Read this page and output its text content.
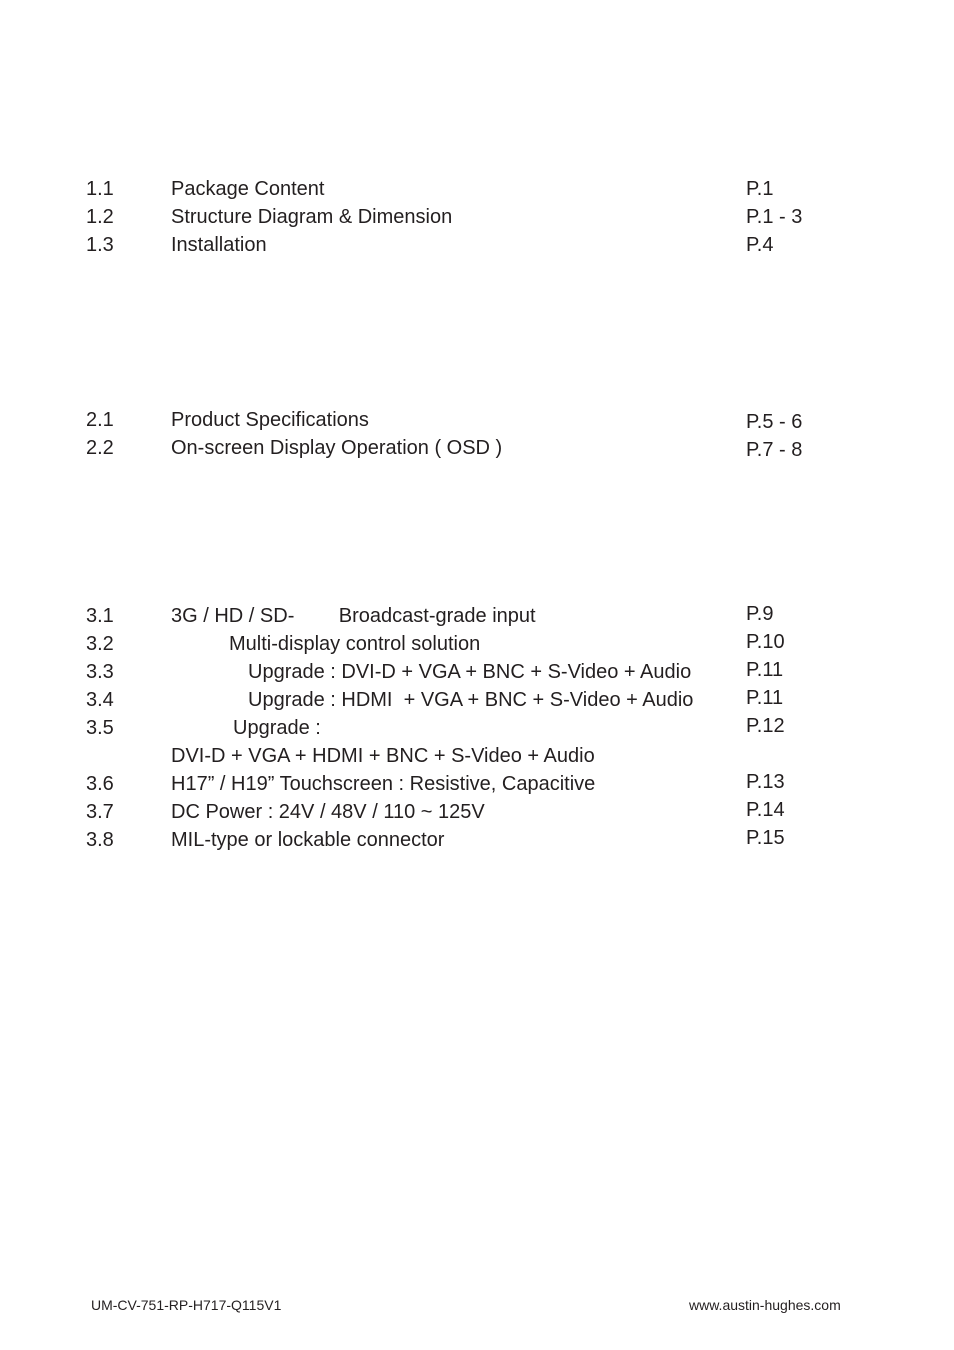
1.1	Package Content	P.1
1.2	Structure Diagram & Dimension	P.1 - 3
1.3	Installation	P.4
2.1	Product Specifications	P.5 - 6
2.2	On-screen Display Operation ( OSD )	P.7 - 8
3.1	3G / HD / SD-        Broadcast-grade input	P.9
3.2	Multi-display control solution	P.10
3.3	Upgrade : DVI-D + VGA + BNC + S-Video + Audio	P.11
3.4	Upgrade : HDMI  + VGA + BNC + S-Video + Audio	P.11
3.5	Upgrade :	P.12
DVI-D + VGA + HDMI + BNC + S-Video + Audio
3.6	H17” / H19” Touchscreen : Resistive, Capacitive	P.13
3.7	DC Power : 24V / 48V / 110 ~ 125V	P.14
3.8	MIL-type or lockable connector	P.15
UM-CV-751-RP-H717-Q115V1	www.austin-hughes.com
